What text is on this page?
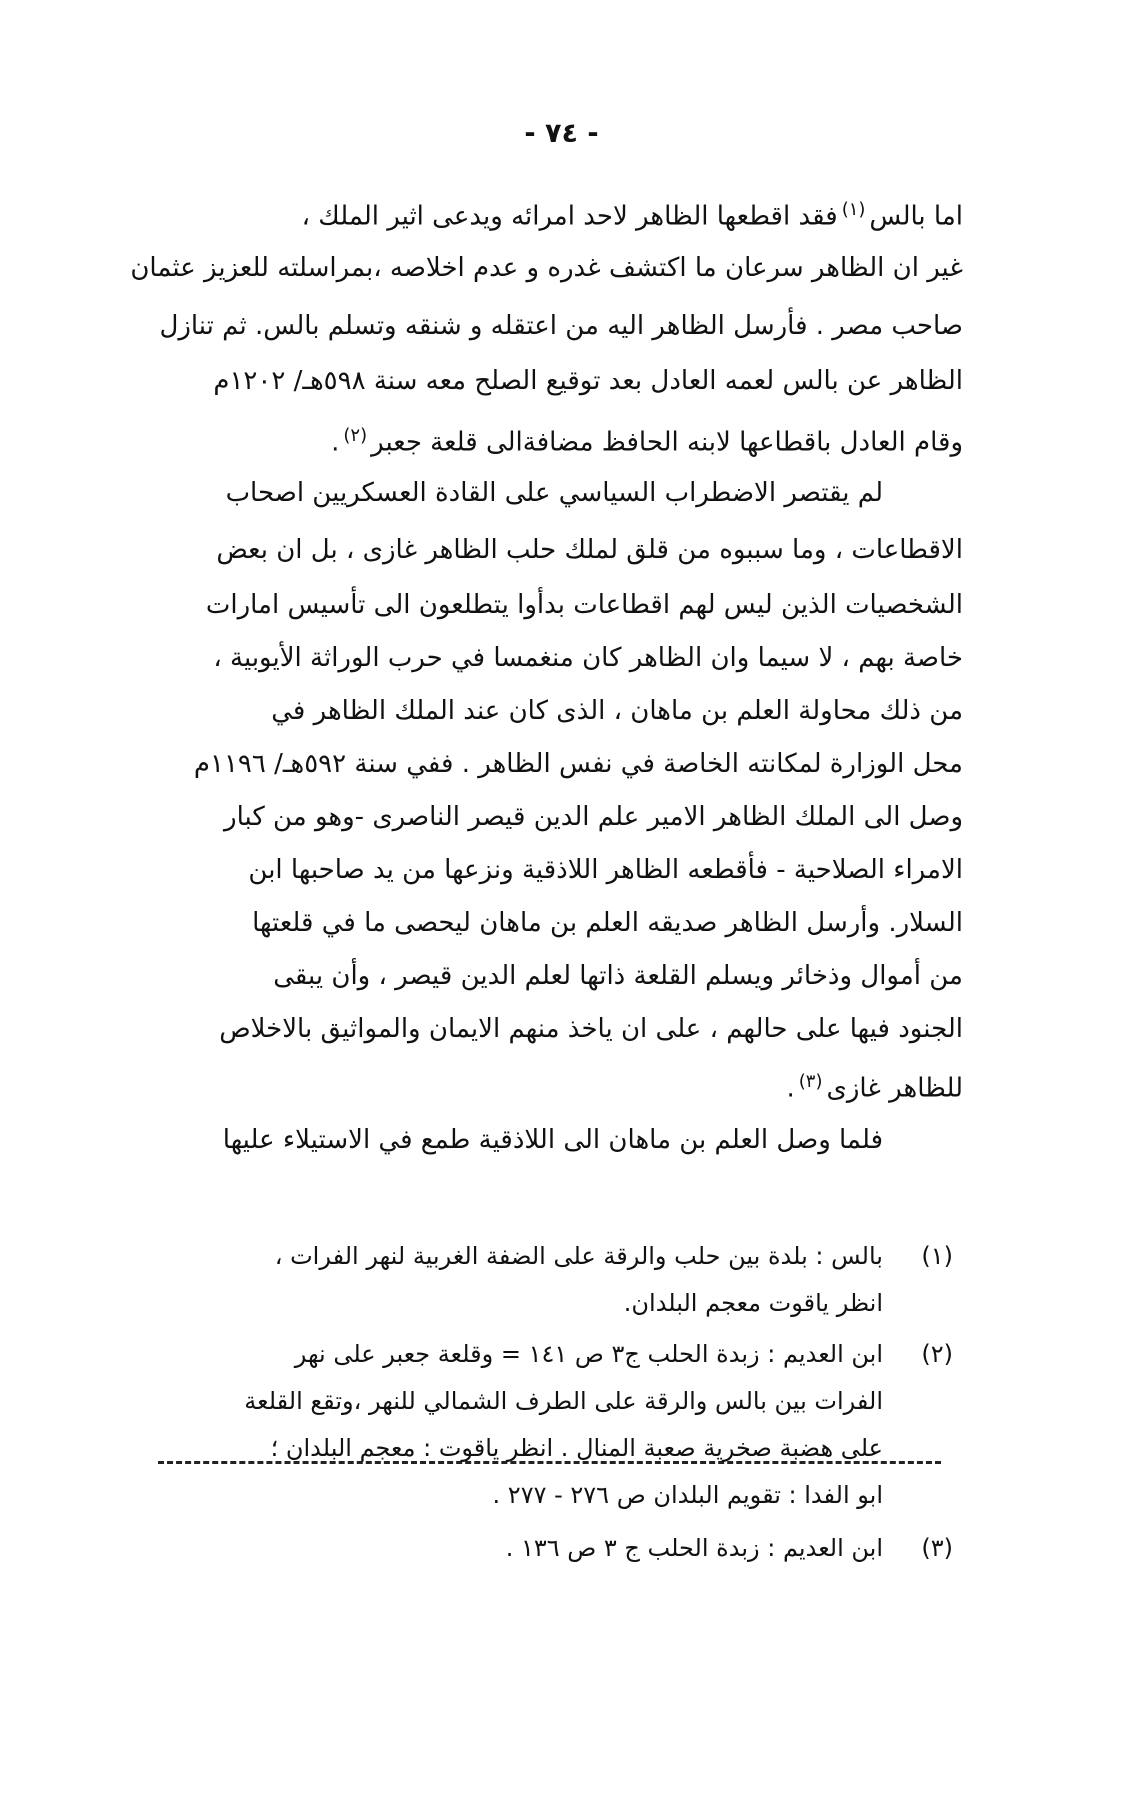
- ٧٤ -
اما بالس$^{(١)}$فقد اقطعها الظاهر لاحد امرائه ويدعى اثير الملك ،
غير ان الظاهر سرعان ما اكتشف غدره و عدم اخلاصه ،بمراسلته للعزيز عثمان
صاحب مصر . فأرسل الظاهر اليه من اعتقله و شنقه وتسلم بالس. ثم تنازل
الظاهر عن بالس لعمه العادل بعد توقيع الصلح معه سنة ٥٩٨هـ/ ١٢٠٢م
وقام العادل باقطاعها لابنه الحافظ مضافةالى قلعة جعبر$^{(٢)}$.
لم يقتصر الاضطراب السياسي على القادة العسكريين اصحاب
الاقطاعات ، وما سببوه من قلق لملك حلب الظاهر غازى ، بل ان بعض
الشخصيات الذين ليس لهم اقطاعات بدأوا يتطلعون الى تأسيس امارات
خاصة بهم ، لا سيما وان الظاهر كان منغمسا في حرب الوراثة الأيوبية ،
من ذلك محاولة العلم بن ماهان ، الذى كان عند الملك الظاهر في
محل الوزارة لمكانته الخاصة في نفس الظاهر . ففي سنة ٥٩٢هـ/ ١١٩٦م
وصل الى الملك الظاهر الامير علم الدين قيصر الناصرى -وهو من كبار
الامراء الصلاحية - فأقطعه الظاهر اللاذقية ونزعها من يد صاحبها ابن
السلار. وأرسل الظاهر صديقه العلم بن ماهان ليحصى ما في قلعتها
من أموال وذخائر ويسلم القلعة ذاتها لعلم الدين قيصر ، وأن يبقى
الجنود فيها على حالهم ، على ان ياخذ منهم الايمان والمواثيق بالاخلاص
للظاهر غازى$^{(٣)}$.
فلما وصل العلم بن ماهان الى اللاذقية طمع في الاستيلاء عليها
(١)
بالس : بلدة بين حلب والرقة على الضفة الغربية لنهر الفرات ،
انظر ياقوت معجم البلدان.
(٢)
ابن العديم : زبدة الحلب ج٣ ص ١٤١ = وقلعة جعبر على نهر
الفرات بين بالس والرقة على الطرف الشمالي للنهر ،وتقع القلعة
على هضبة صخرية صعبة المنال . انظر ياقوت : معجم البلدان ؛
ابو الفدا : تقويم البلدان ص ٢٧٦ - ٢٧٧ .
(٣)
ابن العديم : زبدة الحلب ج ٣ ص ١٣٦ .
